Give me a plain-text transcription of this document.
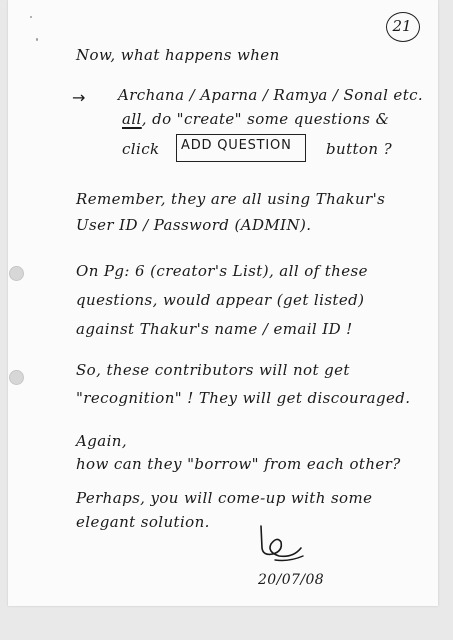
21
Now, what happens when
→ Archana / Aparna / Ramya / Sonal etc.
all, do "create" some questions &
click ADD QUESTION button ?
Remember, they are all using Thakur's
User ID / Password (ADMIN).
On Pg: 6 (creator's List), all of these
questions, would appear (get listed)
against Thakur's name / email ID !
So, these contributors will not get
"recognition" ! They will get discouraged.
Again,
how can they "borrow" from each other?
Perhaps, you will come-up with some
elegant solution.
20/07/08
